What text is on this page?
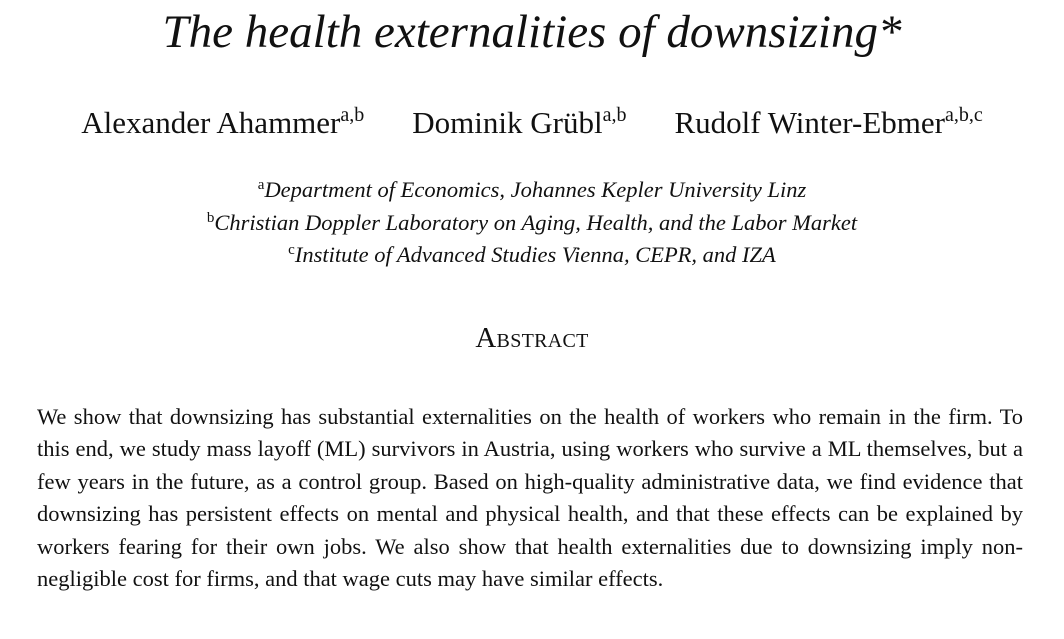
The health externalities of downsizing*
Alexander Ahammer$^{a,b}$ Dominik Grübl$^{a,b}$ Rudolf Winter-Ebmer$^{a,b,c}$
$^a$Department of Economics, Johannes Kepler University Linz
$^b$Christian Doppler Laboratory on Aging, Health, and the Labor Market
$^c$Institute of Advanced Studies Vienna, CEPR, and IZA
Abstract

We show that downsizing has substantial externalities on the health of workers who remain in the firm. To this end, we study mass layoff (ML) survivors in Austria, using workers who survive a ML themselves, but a few years in the future, as a control group. Based on high-quality administrative data, we find evidence that downsizing has persistent effects on mental and physical health, and that these effects can be explained by workers fearing for their own jobs. We also show that health externalities due to downsizing imply non-negligible cost for firms, and that wage cuts may have similar effects.
